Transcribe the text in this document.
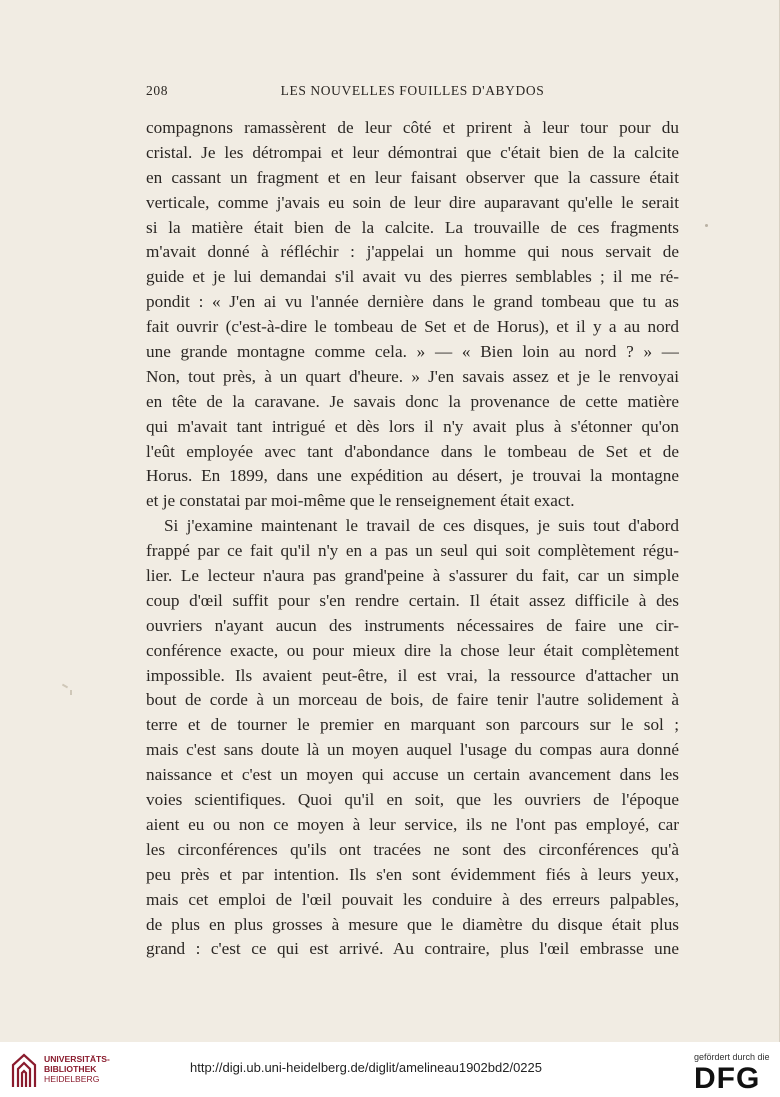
208	LES NOUVELLES FOUILLES D'ABYDOS
compagnons ramassèrent de leur côté et prirent à leur tour pour du
cristal. Je les détrompai et leur démontrai que c'était bien de la calcite
en cassant un fragment et en leur faisant observer que la cassure était
verticale, comme j'avais eu soin de leur dire auparavant qu'elle le serait
si la matière était bien de la calcite. La trouvaille de ces fragments
m'avait donné à réfléchir : j'appelai un homme qui nous servait de
guide et je lui demandai s'il avait vu des pierres semblables ; il me ré-
pondit : « J'en ai vu l'année dernière dans le grand tombeau que tu as
fait ouvrir (c'est-à-dire le tombeau de Set et de Horus), et il y a au nord
une grande montagne comme cela. » — « Bien loin au nord ? » —
Non, tout près, à un quart d'heure. » J'en savais assez et je le renvoyai
en tête de la caravane. Je savais donc la provenance de cette matière
qui m'avait tant intrigué et dès lors il n'y avait plus à s'étonner qu'on
l'eût employée avec tant d'abondance dans le tombeau de Set et de
Horus. En 1899, dans une expédition au désert, je trouvai la montagne
et je constatai par moi-même que le renseignement était exact.
Si j'examine maintenant le travail de ces disques, je suis tout d'abord
frappé par ce fait qu'il n'y en a pas un seul qui soit complètement régu-
lier. Le lecteur n'aura pas grand'peine à s'assurer du fait, car un simple
coup d'œil suffit pour s'en rendre certain. Il était assez difficile à des
ouvriers n'ayant aucun des instruments nécessaires de faire une cir-
conférence exacte, ou pour mieux dire la chose leur était complètement
impossible. Ils avaient peut-être, il est vrai, la ressource d'attacher un
bout de corde à un morceau de bois, de faire tenir l'autre solidement à
terre et de tourner le premier en marquant son parcours sur le sol ;
mais c'est sans doute là un moyen auquel l'usage du compas aura donné
naissance et c'est un moyen qui accuse un certain avancement dans les
voies scientifiques. Quoi qu'il en soit, que les ouvriers de l'époque
aient eu ou non ce moyen à leur service, ils ne l'ont pas employé, car
les circonférences qu'ils ont tracées ne sont des circonférences qu'à
peu près et par intention. Ils s'en sont évidemment fiés à leurs yeux,
mais cet emploi de l'œil pouvait les conduire à des erreurs palpables,
de plus en plus grosses à mesure que le diamètre du disque était plus
grand : c'est ce qui est arrivé. Au contraire, plus l'œil embrasse une
UNIVERSITÄTS-
BIBLIOTHEK
HEIDELBERG
http://digi.ub.uni-heidelberg.de/diglit/amelineau1902bd2/0225
gefördert durch die
DFG
